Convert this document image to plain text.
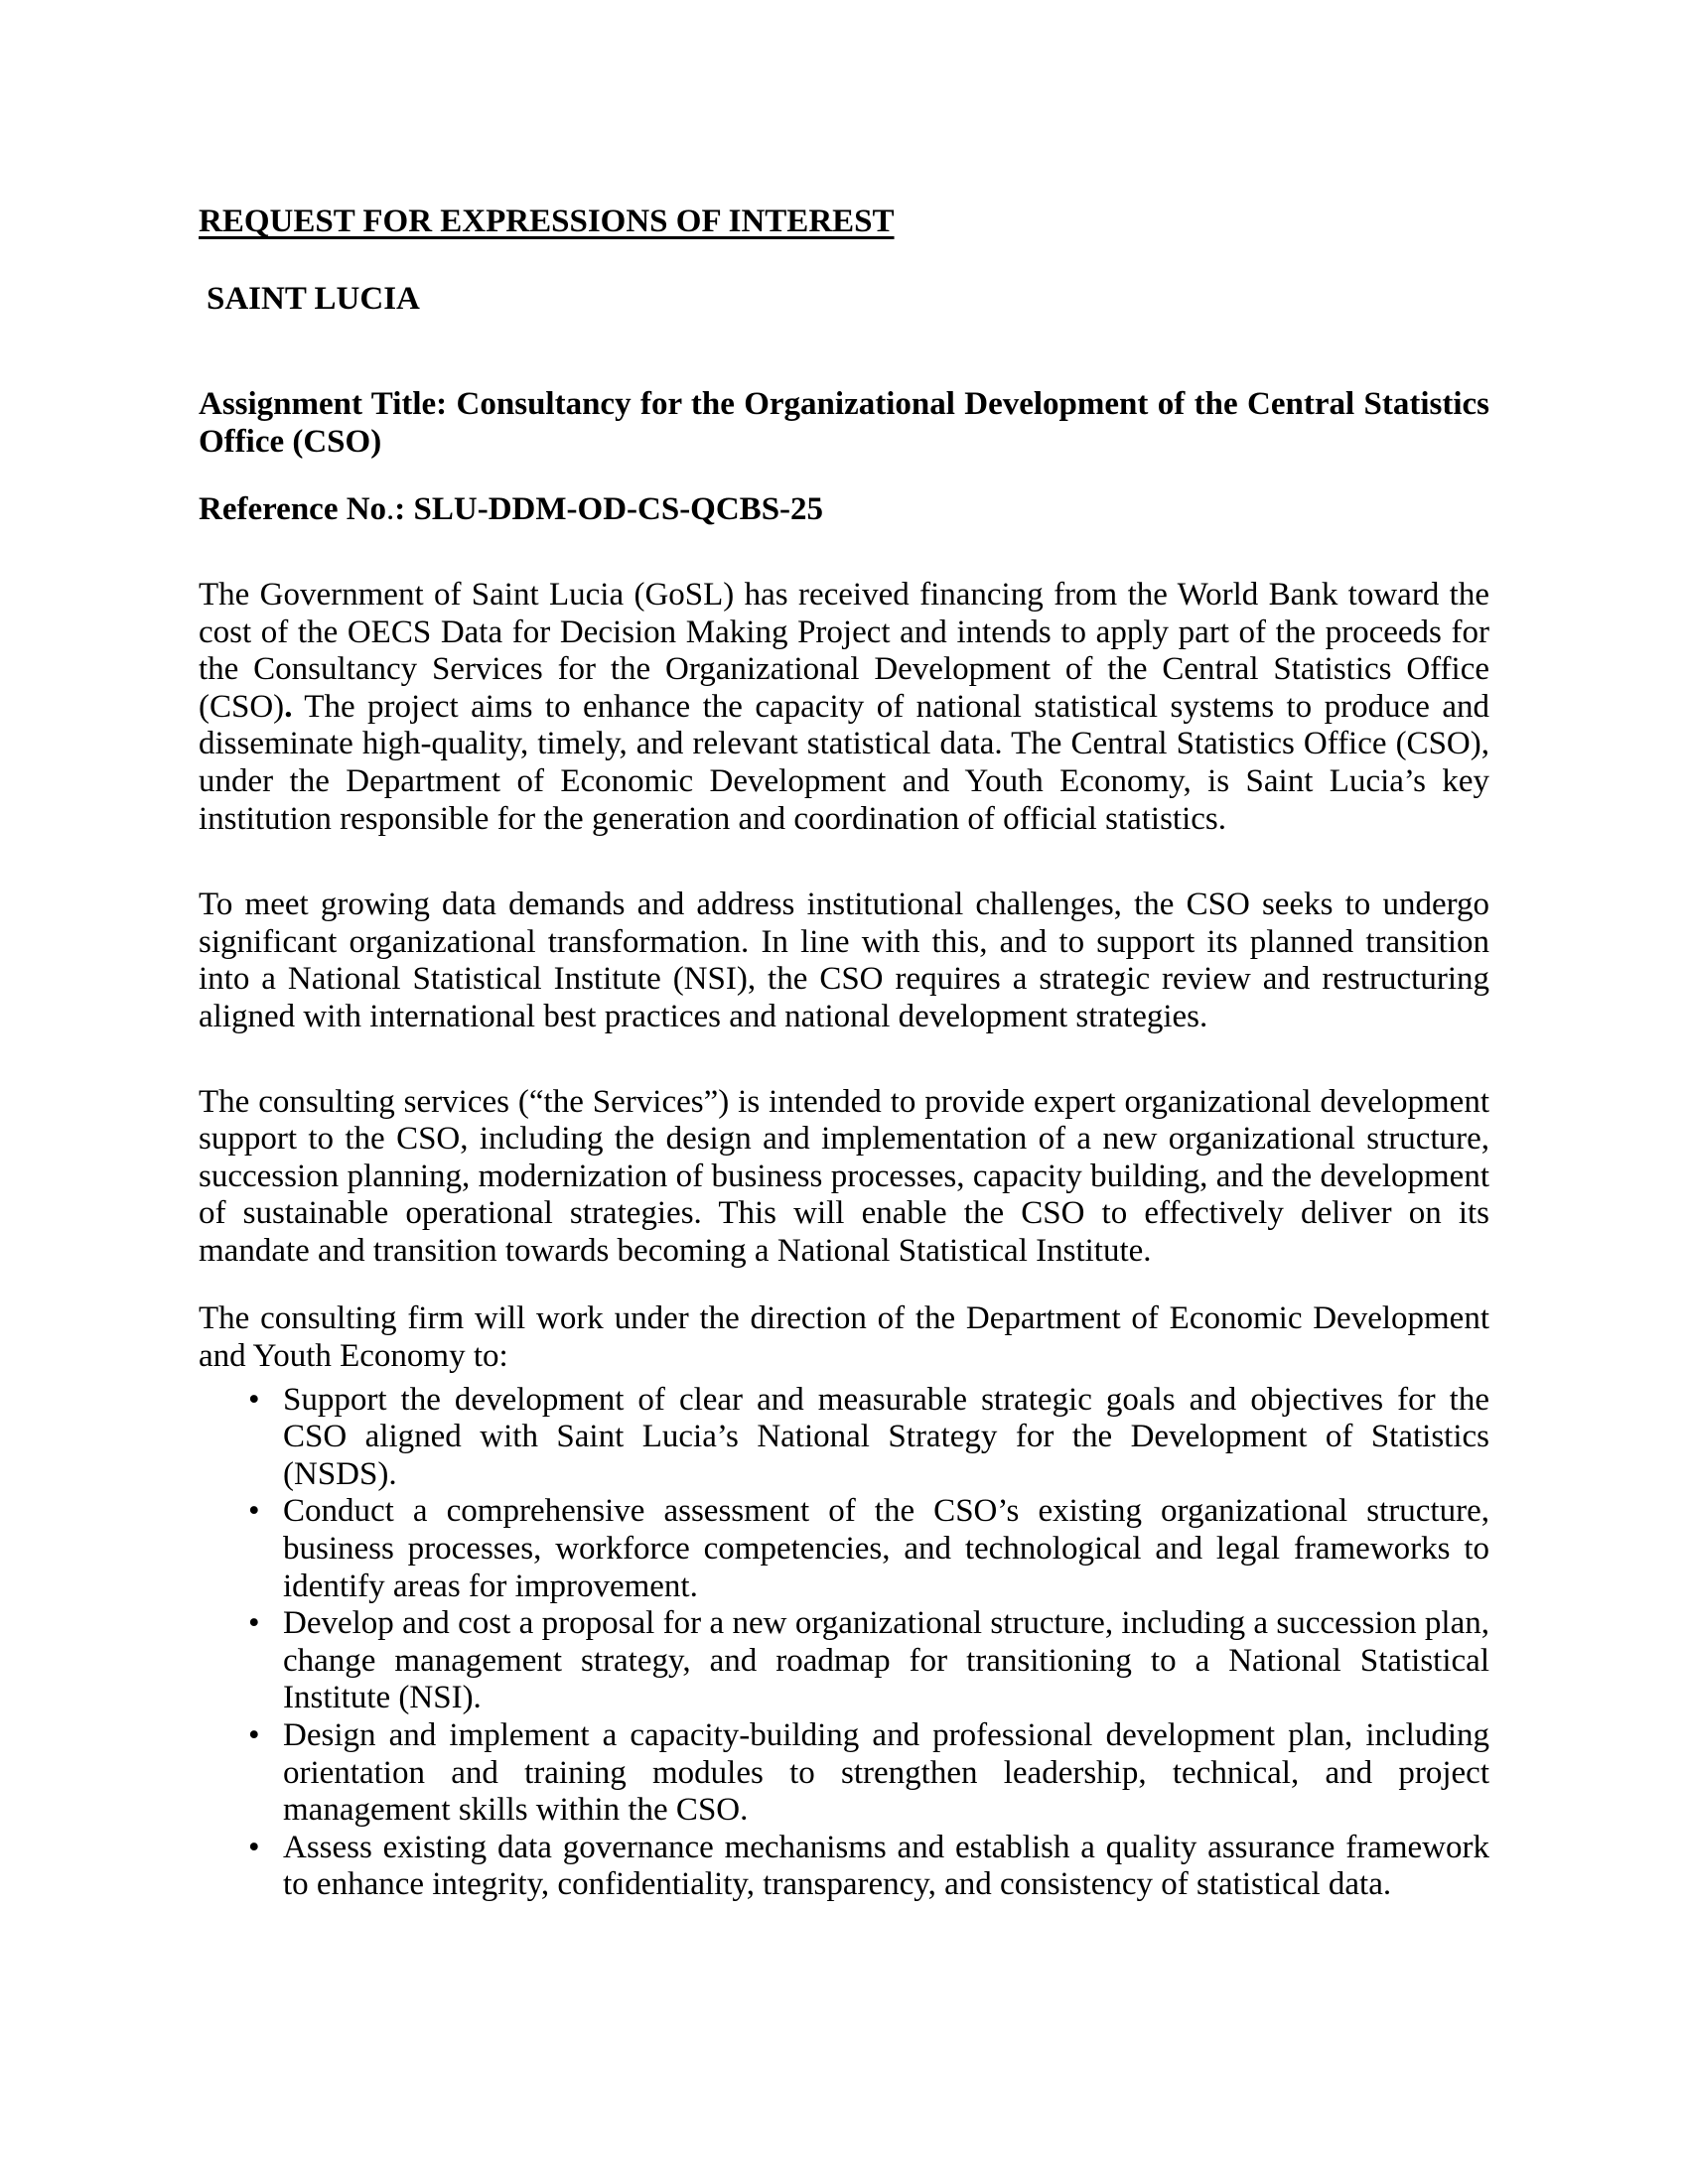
REQUEST FOR EXPRESSIONS OF INTEREST

SAINT LUCIA

Assignment Title: Consultancy for the Organizational Development of the Central Statistics Office (CSO)

Reference No.: SLU-DDM-OD-CS-QCBS-25

The Government of Saint Lucia (GoSL) has received financing from the World Bank toward the cost of the OECS Data for Decision Making Project and intends to apply part of the proceeds for the Consultancy Services for the Organizational Development of the Central Statistics Office (CSO). The project aims to enhance the capacity of national statistical systems to produce and disseminate high-quality, timely, and relevant statistical data. The Central Statistics Office (CSO), under the Department of Economic Development and Youth Economy, is Saint Lucia’s key institution responsible for the generation and coordination of official statistics.

To meet growing data demands and address institutional challenges, the CSO seeks to undergo significant organizational transformation. In line with this, and to support its planned transition into a National Statistical Institute (NSI), the CSO requires a strategic review and restructuring aligned with international best practices and national development strategies.

The consulting services (“the Services”) is intended to provide expert organizational development support to the CSO, including the design and implementation of a new organizational structure, succession planning, modernization of business processes, capacity building, and the development of sustainable operational strategies. This will enable the CSO to effectively deliver on its mandate and transition towards becoming a National Statistical Institute.

The consulting firm will work under the direction of the Department of Economic Development and Youth Economy to:

• Support the development of clear and measurable strategic goals and objectives for the CSO aligned with Saint Lucia’s National Strategy for the Development of Statistics (NSDS).
• Conduct a comprehensive assessment of the CSO’s existing organizational structure, business processes, workforce competencies, and technological and legal frameworks to identify areas for improvement.
• Develop and cost a proposal for a new organizational structure, including a succession plan, change management strategy, and roadmap for transitioning to a National Statistical Institute (NSI).
• Design and implement a capacity-building and professional development plan, including orientation and training modules to strengthen leadership, technical, and project management skills within the CSO.
• Assess existing data governance mechanisms and establish a quality assurance framework to enhance integrity, confidentiality, transparency, and consistency of statistical data.
